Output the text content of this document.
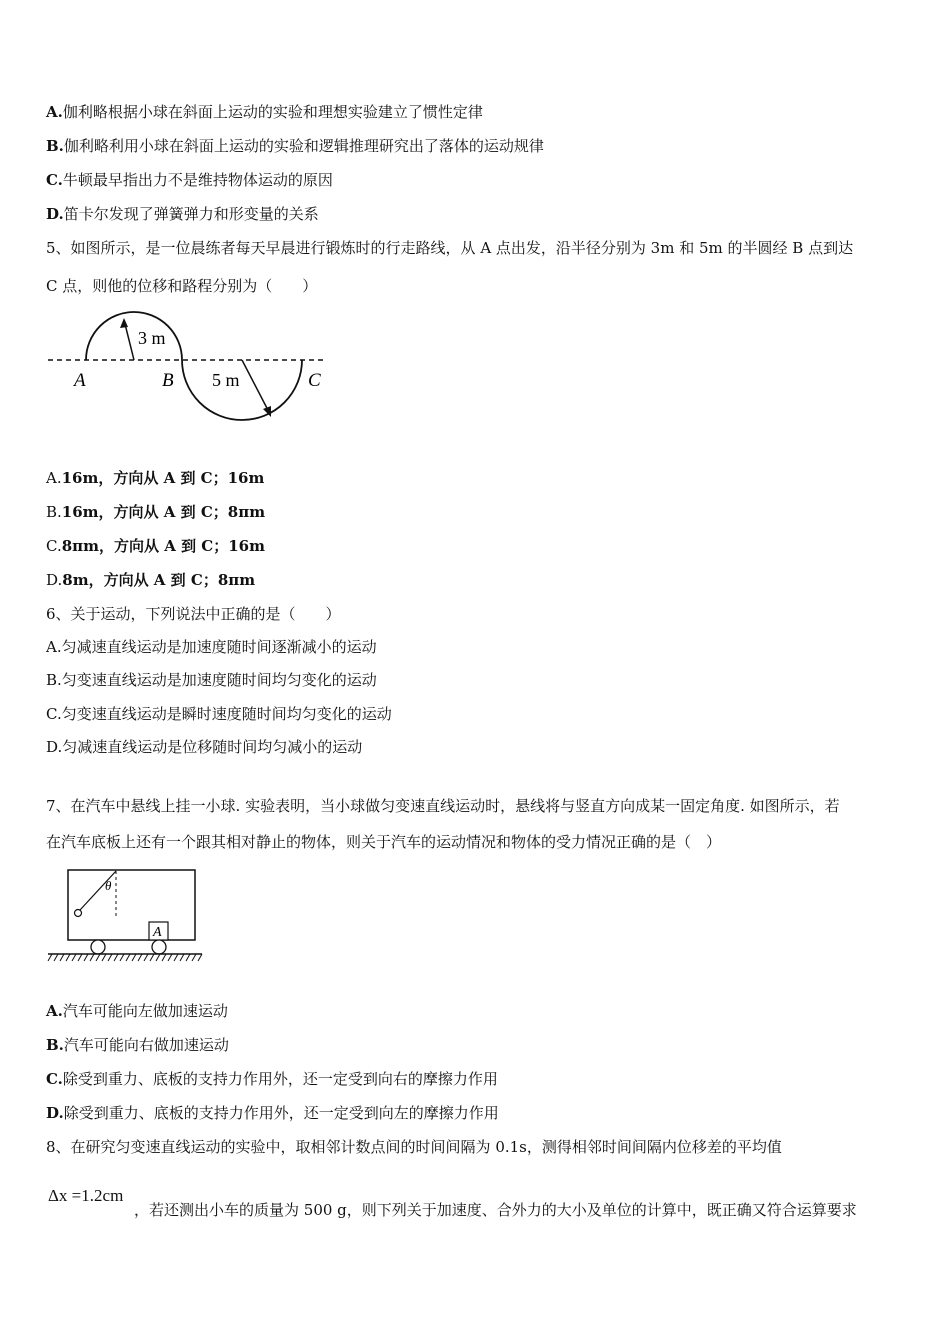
A.伽利略根据小球在斜面上运动的实验和理想实验建立了惯性定律
B.伽利略利用小球在斜面上运动的实验和逻辑推理研究出了落体的运动规律
C.牛顿最早指出力不是维持物体运动的原因
D.笛卡尔发现了弹簧弹力和形变量的关系
5、如图所示，是一位晨练者每天早晨进行锻炼时的行走路线，从 A 点出发，沿半径分别为 3m 和 5m 的半圆经 B 点到达
C 点，则他的位移和路程分别为（　　）
3 m
5 m
A	B	C
A.16m，方向从 A 到 C；16m
B.16m，方向从 A 到 C；8πm
C.8πm，方向从 A 到 C；16m
D.8m，方向从 A 到 C；8πm
6、关于运动，下列说法中正确的是（　　）
A.匀减速直线运动是加速度随时间逐渐减小的运动
B.匀变速直线运动是加速度随时间均匀变化的运动
C.匀变速直线运动是瞬时速度随时间均匀变化的运动
D.匀减速直线运动是位移随时间均匀减小的运动
7、在汽车中悬线上挂一小球. 实验表明，当小球做匀变速直线运动时，悬线将与竖直方向成某一固定角度. 如图所示，若
在汽车底板上还有一个跟其相对静止的物体，则关于汽车的运动情况和物体的受力情况正确的是（　）
θ
A
A.汽车可能向左做加速运动
B.汽车可能向右做加速运动
C.除受到重力、底板的支持力作用外，还一定受到向右的摩擦力作用
D.除受到重力、底板的支持力作用外，还一定受到向左的摩擦力作用
8、在研究匀变速直线运动的实验中，取相邻计数点间的时间间隔为 0.1s，测得相邻时间间隔内位移差的平均值
Δx =1.2cm
，若还测出小车的质量为 500 g，则下列关于加速度、合外力的大小及单位的计算中，既正确又符合运算要求
